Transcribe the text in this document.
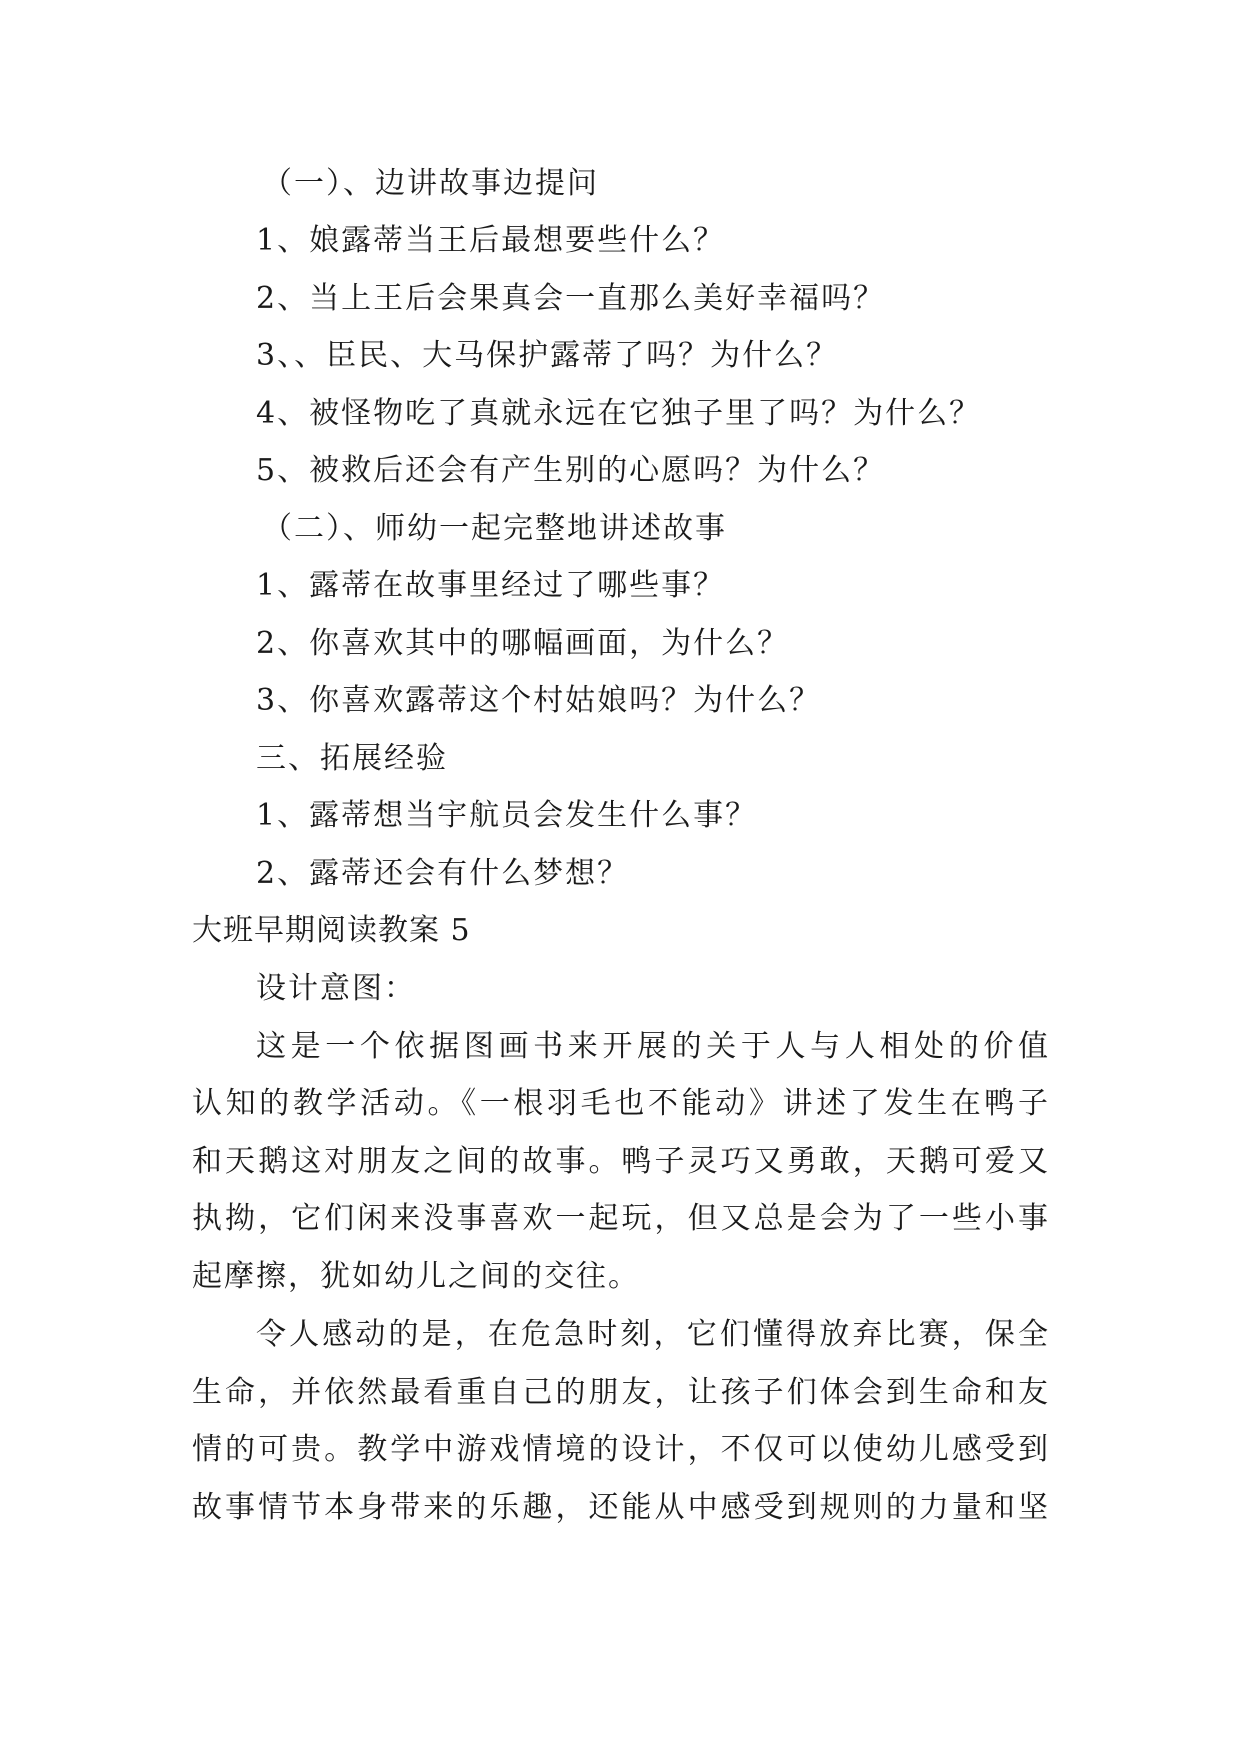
（一）、边讲故事边提问
1、娘露蒂当王后最想要些什么？
2、当上王后会果真会一直那么美好幸福吗？
3、、臣民、大马保护露蒂了吗？为什么？
4、被怪物吃了真就永远在它独子里了吗？为什么？
5、被救后还会有产生别的心愿吗？为什么？
（二）、师幼一起完整地讲述故事
1、露蒂在故事里经过了哪些事？
2、你喜欢其中的哪幅画面，为什么？
3、你喜欢露蒂这个村姑娘吗？为什么？
三、拓展经验
1、露蒂想当宇航员会发生什么事？
2、露蒂还会有什么梦想？
大班早期阅读教案 5
设计意图：
这是一个依据图画书来开展的关于人与人相处的价值
认知的教学活动。《一根羽毛也不能动》讲述了发生在鸭子
和天鹅这对朋友之间的故事。鸭子灵巧又勇敢，天鹅可爱又
执拗，它们闲来没事喜欢一起玩，但又总是会为了一些小事
起摩擦，犹如幼儿之间的交往。
令人感动的是，在危急时刻，它们懂得放弃比赛，保全
生命，并依然最看重自己的朋友，让孩子们体会到生命和友
情的可贵。教学中游戏情境的设计，不仅可以使幼儿感受到
故事情节本身带来的乐趣，还能从中感受到规则的力量和坚
